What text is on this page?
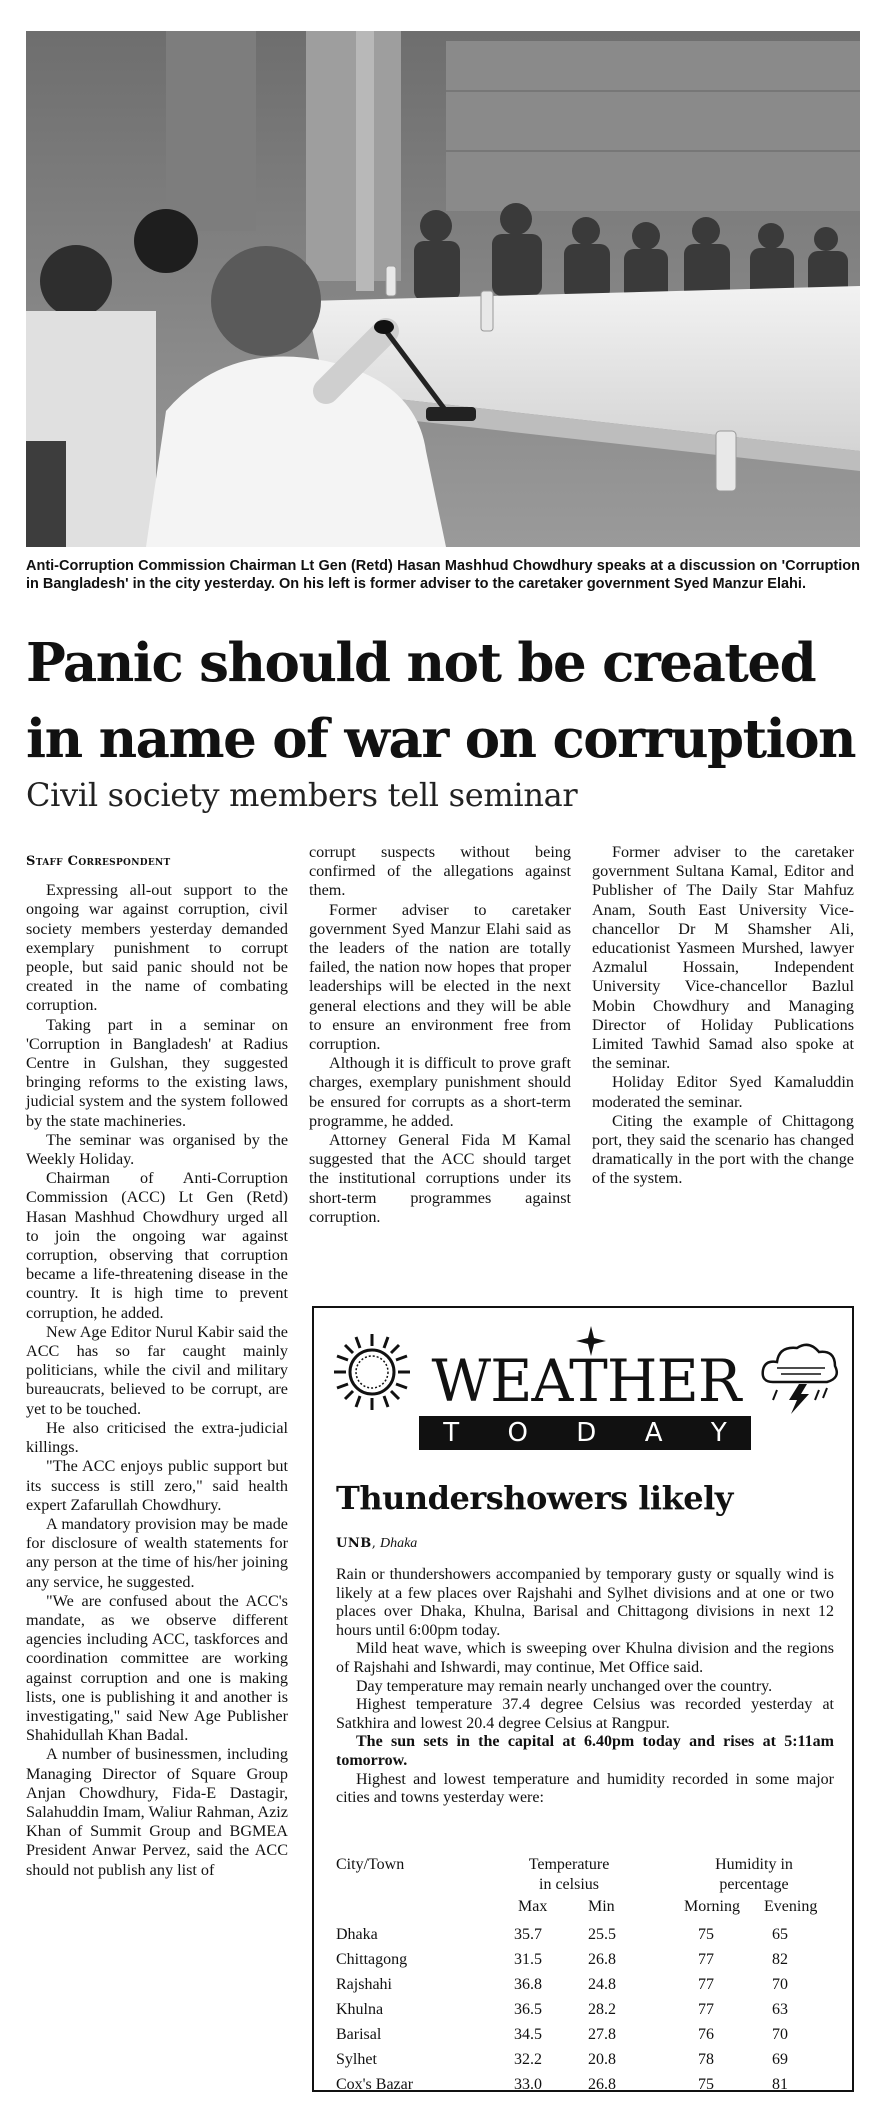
Anti-Corruption Commission Chairman Lt Gen (Retd) Hasan Mashhud Chowdhury speaks at a discussion on 'Corruption in Bangladesh' in the city yesterday. On his left is former adviser to the caretaker government Syed Manzur Elahi.
Panic should not be created in name of war on corruption
Civil society members tell seminar

Staff Correspondent

Expressing all-out support to the ongoing war against corruption, civil society members yesterday demanded exemplary punishment to corrupt people, but said panic should not be created in the name of combating corruption.

Taking part in a seminar on 'Corruption in Bangladesh' at Radius Centre in Gulshan, they suggested bringing reforms to the existing laws, judicial system and the system followed by the state machineries.

The seminar was organised by the Weekly Holiday.

Chairman of Anti-Corruption Commission (ACC) Lt Gen (Retd) Hasan Mashhud Chowdhury urged all to join the ongoing war against corruption, observing that corruption became a life-threatening disease in the country. It is high time to prevent corruption, he added.

New Age Editor Nurul Kabir said the ACC has so far caught mainly politicians, while the civil and military bureaucrats, believed to be corrupt, are yet to be touched.

He also criticised the extra-judicial killings.

"The ACC enjoys public support but its success is still zero," said health expert Zafarullah Chowdhury.

A mandatory provision may be made for disclosure of wealth statements for any person at the time of his/her joining any service, he suggested.

"We are confused about the ACC's mandate, as we observe different agencies including ACC, taskforces and coordination committee are working against corruption and one is making lists, one is publishing it and another is investigating," said New Age Publisher Shahidullah Khan Badal.

A number of businessmen, including Managing Director of Square Group Anjan Chowdhury, Fida-E Dastagir, Salahuddin Imam, Waliur Rahman, Aziz Khan of Summit Group and BGMEA President Anwar Pervez, said the ACC should not publish any list of

corrupt suspects without being confirmed of the allegations against them.

Former adviser to caretaker government Syed Manzur Elahi said as the leaders of the nation are totally failed, the nation now hopes that proper leaderships will be elected in the next general elections and they will be able to ensure an environment free from corruption.

Although it is difficult to prove graft charges, exemplary punishment should be ensured for corrupts as a short-term programme, he added.

Attorney General Fida M Kamal suggested that the ACC should target the institutional corruptions under its short-term programmes against corruption.

Former adviser to the caretaker government Sultana Kamal, Editor and Publisher of The Daily Star Mahfuz Anam, South East University Vice-chancellor Dr M Shamsher Ali, educationist Yasmeen Murshed, lawyer Azmalul Hossain, Independent University Vice-chancellor Bazlul Mobin Chowdhury and Managing Director of Holiday Publications Limited Tawhid Samad also spoke at the seminar.

Holiday Editor Syed Kamaluddin moderated the seminar.

Citing the example of Chittagong port, they said the scenario has changed dramatically in the port with the change of the system.

WEATHER
T O D A Y
Thundershowers likely
UNB, Dhaka

Rain or thundershowers accompanied by temporary gusty or squally wind is likely at a few places over Rajshahi and Sylhet divisions and at one or two places over Dhaka, Khulna, Barisal and Chittagong divisions in next 12 hours until 6:00pm today.

Mild heat wave, which is sweeping over Khulna division and the regions of Rajshahi and Ishwardi, may continue, Met Office said.

Day temperature may remain nearly unchanged over the country.

Highest temperature 37.4 degree Celsius was recorded yesterday at Satkhira and lowest 20.4 degree Celsius at Rangpur.

The sun sets in the capital at 6.40pm today and rises at 5:11am tomorrow.

Highest and lowest temperature and humidity recorded in some major cities and towns yesterday were:

City/Town	Temperature
in celsius
Humidity in
percentage
Max	Min	Morning Evening
Dhaka	35.7	25.5	75	65
Chittagong	31.5	26.8	77	82
Rajshahi	36.8	24.8	77	70
Khulna	36.5	28.2	77	63
Barisal	34.5	27.8	76	70
Sylhet	32.2	20.8	78	69
Cox's Bazar	33.0	26.8	75	81
